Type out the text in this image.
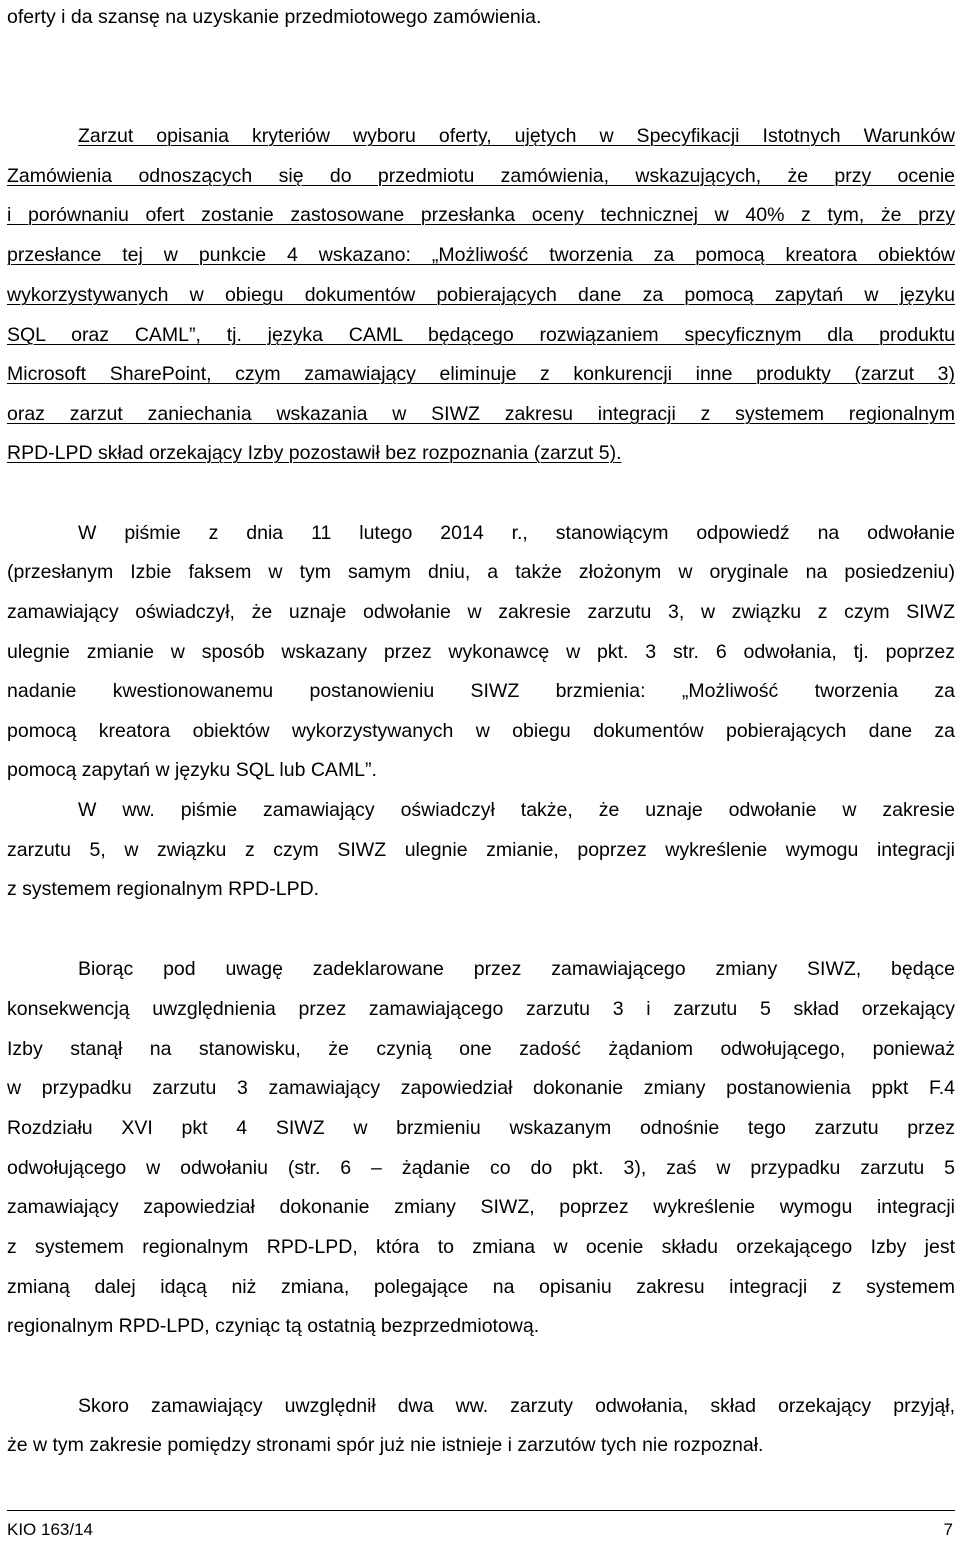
oferty i da szansę na uzyskanie przedmiotowego zamówienia.
Zarzut opisania kryteriów wyboru oferty, ujętych w Specyfikacji Istotnych Warunków
Zamówienia odnoszących się do przedmiotu zamówienia, wskazujących, że przy ocenie
i porównaniu ofert zostanie zastosowane przesłanka oceny technicznej w 40% z tym, że przy
przesłance tej w punkcie 4 wskazano: „Możliwość tworzenia za pomocą kreatora obiektów
wykorzystywanych w obiegu dokumentów pobierających dane za pomocą zapytań w języku
SQL oraz CAML”, tj. języka CAML będącego rozwiązaniem specyficznym dla produktu
Microsoft SharePoint, czym zamawiający eliminuje z konkurencji inne produkty (zarzut 3)
oraz zarzut zaniechania wskazania w SIWZ zakresu integracji z systemem regionalnym
RPD-LPD skład orzekający Izby pozostawił bez rozpoznania (zarzut 5).
W piśmie z dnia 11 lutego 2014 r., stanowiącym odpowiedź na odwołanie
(przesłanym Izbie faksem w tym samym dniu, a także złożonym w oryginale na posiedzeniu)
zamawiający oświadczył, że uznaje odwołanie w zakresie zarzutu 3, w związku z czym SIWZ
ulegnie zmianie w sposób wskazany przez wykonawcę w pkt. 3 str. 6 odwołania, tj. poprzez
nadanie kwestionowanemu postanowieniu SIWZ brzmienia: „Możliwość tworzenia za
pomocą kreatora obiektów wykorzystywanych w obiegu dokumentów pobierających dane za
pomocą zapytań w języku SQL lub CAML”.
W ww. piśmie zamawiający oświadczył także, że uznaje odwołanie w zakresie
zarzutu 5, w związku z czym SIWZ ulegnie zmianie, poprzez wykreślenie wymogu integracji
z systemem regionalnym RPD-LPD.
Biorąc pod uwagę zadeklarowane przez zamawiającego zmiany SIWZ, będące
konsekwencją uwzględnienia przez zamawiającego zarzutu 3 i zarzutu 5 skład orzekający
Izby stanął na stanowisku, że czynią one zadość żądaniom odwołującego, ponieważ
w przypadku zarzutu 3 zamawiający zapowiedział dokonanie zmiany postanowienia ppkt F.4
Rozdziału XVI pkt 4 SIWZ w brzmieniu wskazanym odnośnie tego zarzutu przez
odwołującego w odwołaniu (str. 6 – żądanie co do pkt. 3), zaś w przypadku zarzutu 5
zamawiający zapowiedział dokonanie zmiany SIWZ, poprzez wykreślenie wymogu integracji
z systemem regionalnym RPD-LPD, która to zmiana w ocenie składu orzekającego Izby jest
zmianą dalej idącą niż zmiana, polegające na opisaniu zakresu integracji z systemem
regionalnym RPD-LPD, czyniąc tą ostatnią bezprzedmiotową.
Skoro zamawiający uwzględnił dwa ww. zarzuty odwołania, skład orzekający przyjął,
że w tym zakresie pomiędzy stronami spór już nie istnieje i zarzutów tych nie rozpoznał.
KIO 163/14	7
